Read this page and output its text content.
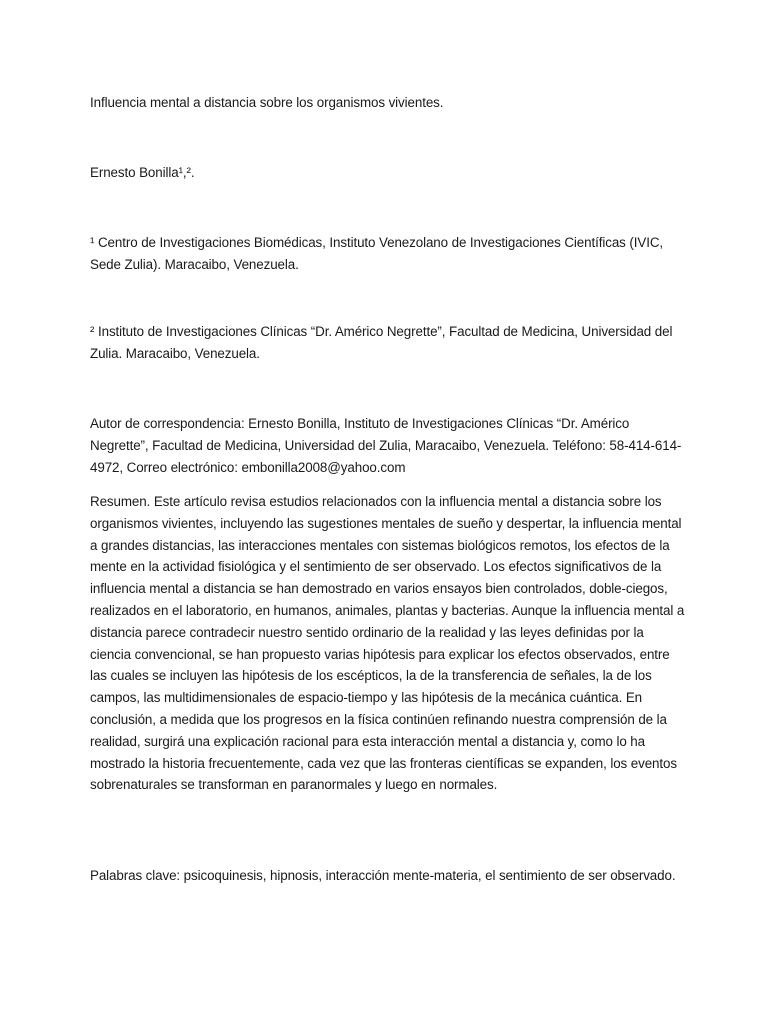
Influencia mental a distancia sobre los organismos vivientes.

Ernesto Bonilla¹,².

¹ Centro de Investigaciones Biomédicas, Instituto Venezolano de Investigaciones Científicas (IVIC, Sede Zulia). Maracaibo, Venezuela.

² Instituto de Investigaciones Clínicas “Dr. Américo Negrette”, Facultad de Medicina, Universidad del Zulia. Maracaibo, Venezuela.

Autor de correspondencia: Ernesto Bonilla, Instituto de Investigaciones Clínicas “Dr. Américo Negrette”, Facultad de Medicina, Universidad del Zulia, Maracaibo, Venezuela. Teléfono: 58-414-614-4972, Correo electrónico: embonilla2008@yahoo.com

Resumen. Este artículo revisa estudios relacionados con la influencia mental a distancia sobre los organismos vivientes, incluyendo las sugestiones mentales de sueño y despertar, la influencia mental a grandes distancias, las interacciones mentales con sistemas biológicos remotos, los efectos de la mente en la actividad fisiológica y el sentimiento de ser observado. Los efectos significativos de la influencia mental a distancia se han demostrado en varios ensayos bien controlados, doble-ciegos, realizados en el laboratorio, en humanos, animales, plantas y bacterias. Aunque la influencia mental a distancia parece contradecir nuestro sentido ordinario de la realidad y las leyes definidas por la ciencia convencional, se han propuesto varias hipótesis para explicar los efectos observados, entre las cuales se incluyen las hipótesis de los escépticos, la de la transferencia de señales, la de los campos, las multidimensionales de espacio-tiempo y las hipótesis de la mecánica cuántica. En conclusión, a medida que los progresos en la física continúen refinando nuestra comprensión de la realidad, surgirá una explicación racional para esta interacción mental a distancia y, como lo ha mostrado la historia frecuentemente, cada vez que las fronteras científicas se expanden, los eventos sobrenaturales se transforman en paranormales y luego en normales.

Palabras clave: psicoquinesis, hipnosis, interacción mente-materia, el sentimiento de ser observado.
